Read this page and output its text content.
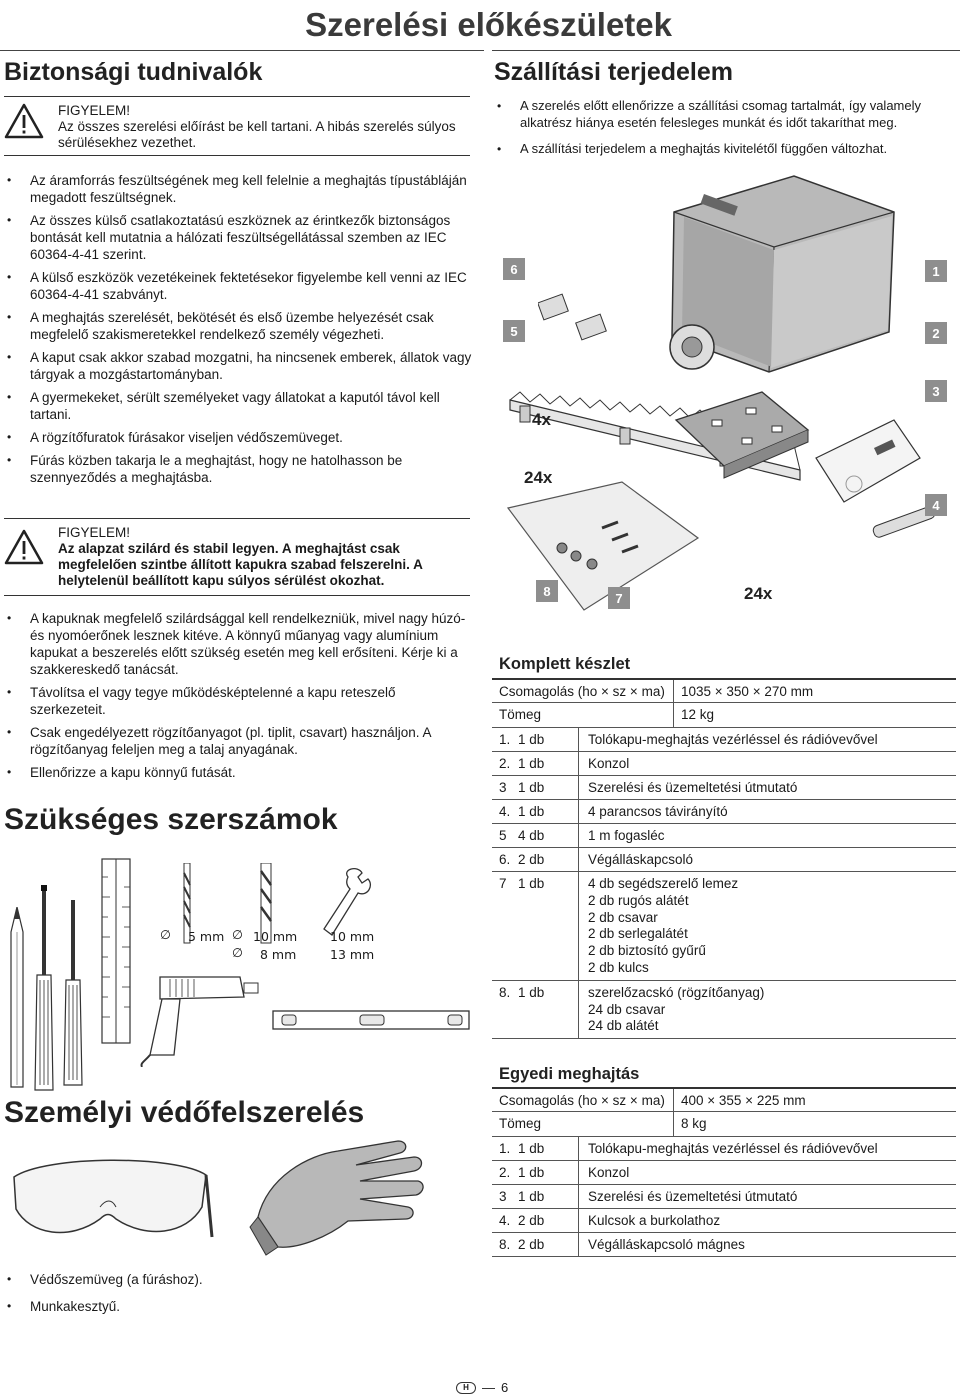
Szerelési előkészületek
Biztonsági tudnivalók
FIGYELEM!
Az összes szerelési előírást be kell tartani. A hibás szerelés súlyos sérülésekhez vezethet.
• Az áramforrás feszültségének meg kell felelnie a meghajtás típustábláján megadott feszültségnek.
• Az összes külső csatlakoztatású eszköznek az érintkezők biztonságos bontását kell mutatnia a hálózati feszültségellátással szemben az IEC 60364-4-41 szerint.
• A külső eszközök vezetékeinek fektetésekor figyelembe kell venni az IEC 60364-4-41 szabványt.
• A meghajtás szerelését, bekötését és első üzembe helyezését csak megfelelő szakismeretekkel rendelkező személy végezheti.
• A kaput csak akkor szabad mozgatni, ha nincsenek emberek, állatok vagy tárgyak a mozgástartományban.
• A gyermekeket, sérült személyeket vagy állatokat a kaputól távol kell tartani.
• A rögzítőfuratok fúrásakor viseljen védőszemüveget.
• Fúrás közben takarja le a meghajtást, hogy ne hatolhasson be szennyeződés a meghajtásba.
FIGYELEM!
Az alapzat szilárd és stabil legyen. A meghajtást csak megfelelően szintbe állított kapukra szabad felszerelni. A helytelenül beállított kapu súlyos sérülést okozhat.
• A kapuknak megfelelő szilárdsággal kell rendelkezniük, mivel nagy húzó- és nyomóerőnek lesznek kitéve. A könnyű műanyag vagy alumínium kapukat a beszerelés előtt szükség esetén meg kell erősíteni. Kérje ki a szakkereskedő tanácsát.
• Távolítsa el vagy tegye működésképtelenné a kapu reteszelő szerkezeteit.
• Csak engedélyezett rögzítőanyagot (pl. tiplit, csavart) használjon. A rögzítőanyag feleljen meg a talaj anyagának.
• Ellenőrizze a kapu könnyű futását.
Szükséges szerszámok
∅ 5 mm ∅ 10 mm
∅ 8 mm
10 mm
13 mm
Személyi védőfelszerelés
• Védőszemüveg (a fúráshoz).
• Munkakesztyű.
Szállítási terjedelem
• A szerelés előtt ellenőrizze a szállítási csomag tartalmát, így valamely alkatrész hiánya esetén felesleges munkát és időt takaríthat meg.
• A szállítási terjedelem a meghajtás kivitelétől függően változhat.
1
2
3
4
5
6
7
8
4x
24x
24x
Komplett készlet
Csomagolás (ho × sz × ma) 1035 × 350 × 270 mm
Tömeg	12 kg
1. 1 db	Tolókapu-meghajtás vezérléssel és rádióvevővel
2. 1 db	Konzol
3 1 db	Szerelési és üzemeltetési útmutató
4. 1 db	4 parancsos távirányító
5 4 db	1 m fogasléc
6. 2 db	Végálláskapcsoló
7 1 db	4 db segédszerelő lemez
2 db rugós alátét
2 db csavar
2 db serlegalátét
2 db biztosító gyűrű
2 db kulcs
8. 1 db	szerelőzacskó (rögzítőanyag)
24 db csavar
24 db alátét
Egyedi meghajtás
Csomagolás (ho × sz × ma) 400 × 355 × 225 mm
Tömeg	8 kg
1. 1 db	Tolókapu-meghajtás vezérléssel és rádióvevővel
2. 1 db	Konzol
3 1 db	Szerelési és üzemeltetési útmutató
4. 2 db	Kulcsok a burkolathoz
8. 2 db	Végálláskapcsoló mágnes
H	— 6
